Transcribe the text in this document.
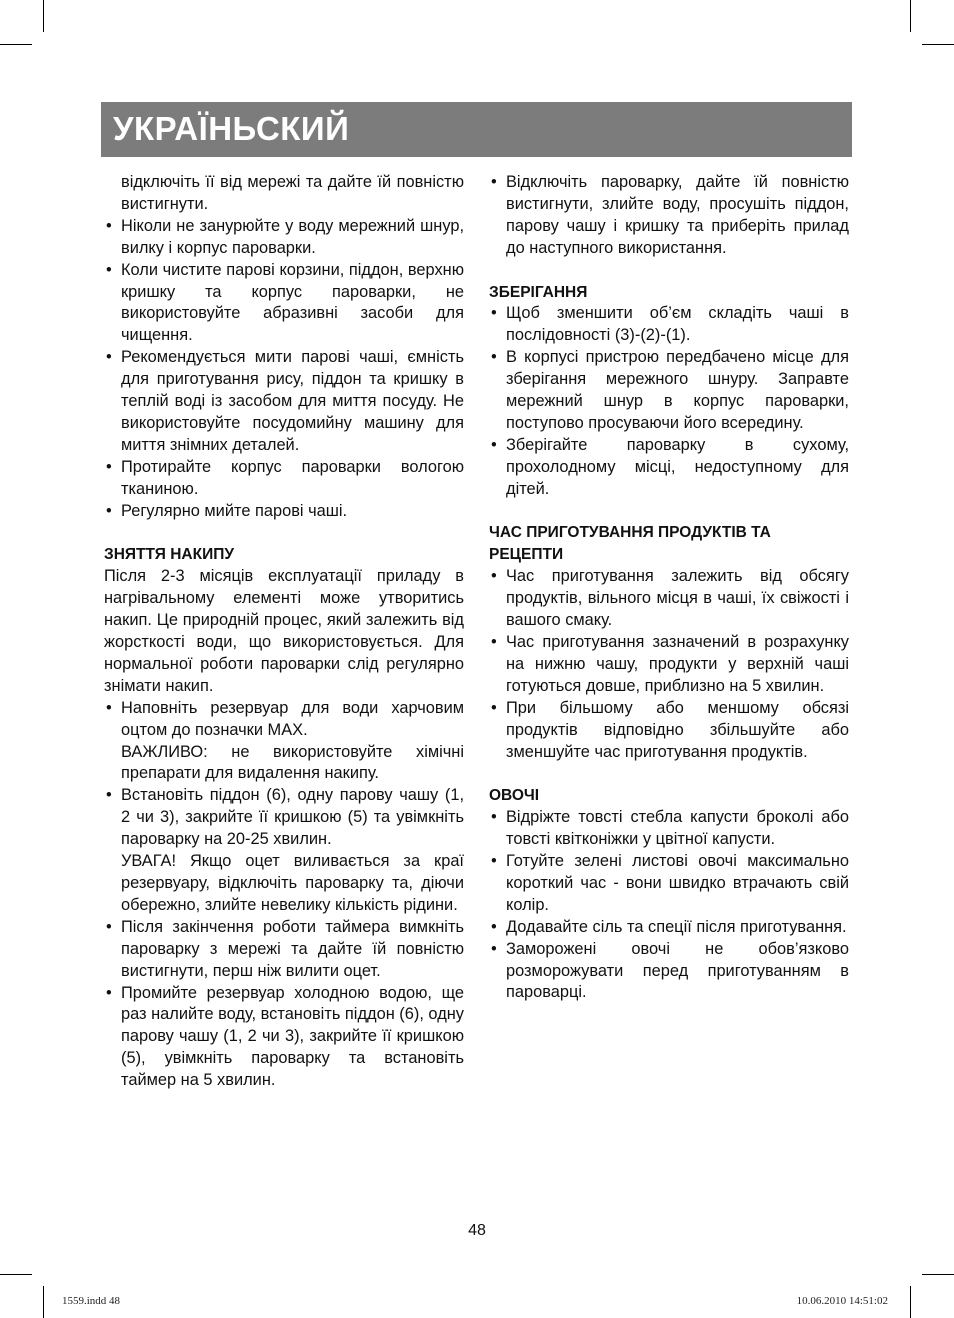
УКРАЇНЬСКИЙ

відключіть її від мережі та дайте їй повністю вистигнути.

• Ніколи не занурюйте у воду мережний шнур, вилку і корпус пароварки.
• Коли чистите парові корзини, піддон, верхню кришку та корпус пароварки, не використовуйте абразивні засоби для чищення.
• Рекомендується мити парові чаші, ємність для приготування рису, піддон та кришку в теплій воді із засобом для миття посуду. Не використовуйте посудомийну машину для миття знімних деталей.
• Протирайте корпус пароварки вологою тканиною.
• Регулярно мийте парові чаші.

ЗНЯТТЯ НАКИПУ

Після 2-3 місяців експлуатації приладу в нагрівальному елементі може утворитись накип. Це природній процес, який залежить від жорсткості води, що використовується. Для нормальної роботи пароварки слід регулярно знімати накип.

• Наповніть резервуар для води харчовим оцтом до позначки MAX.

ВАЖЛИВО: не використовуйте хімічні препарати для видалення накипу.

• Встановіть піддон (6), одну парову чашу (1, 2 чи 3), закрийте її кришкою (5) та увімкніть пароварку на 20-25 хвилин.

УВАГА! Якщо оцет виливається за краї резервуару, відключіть пароварку та, діючи обережно, злийте невелику кількість рідини.

• Після закінчення роботи таймера вимкніть пароварку з мережі та дайте їй повністю вистигнути, перш ніж вилити оцет.
• Промийте резервуар холодною водою, ще раз налийте воду, встановіть піддон (6), одну парову чашу (1, 2 чи 3), закрийте її кришкою (5), увімкніть пароварку та встановіть таймер на 5 хвилин.
• Відключіть пароварку, дайте їй повністю вистигнути, злийте воду, просушіть піддон, парову чашу і кришку та приберіть прилад до наступного використання.

ЗБЕРІГАННЯ

• Щоб зменшити об’єм складіть чаші в послідовності (3)-(2)-(1).
• В корпусі пристрою передбачено місце для зберігання мережного шнуру. Заправте мережний шнур в корпус пароварки, поступово просуваючи його всередину.
• Зберігайте пароварку в сухому, прохолодному місці, недоступному для дітей.

ЧАС ПРИГОТУВАННЯ ПРОДУКТІВ ТА РЕЦЕПТИ

• Час приготування залежить від обсягу продуктів, вільного місця в чаші, їх свіжості і вашого смаку.
• Час приготування зазначений в розрахунку на нижню чашу, продукти у верхній чаші готуються довше, приблизно на 5 хвилин.
• При більшому або меншому обсязі продуктів відповідно збільшуйте або зменшуйте час приготування продуктів.

ОВОЧІ

• Відріжте товсті стебла капусти броколі або товсті квітконіжки у цвітної капусти.
• Готуйте зелені листові овочі максимально короткий час - вони швидко втрачають свій колір.
• Додавайте сіль та спеції після приготування.
• Заморожені овочі не обов’язково розморожувати перед приготуванням в пароварці.
48
1559.indd 48	10.06.2010 14:51:02
